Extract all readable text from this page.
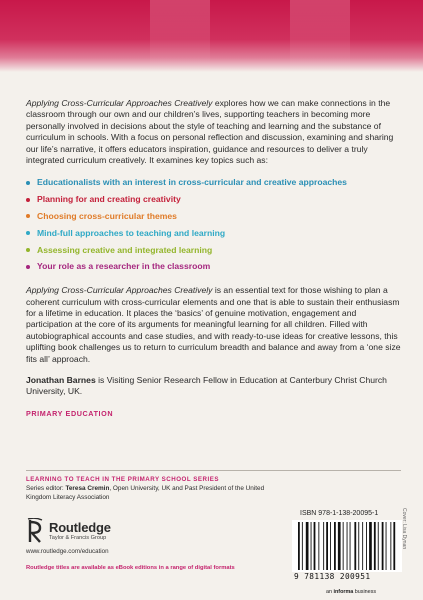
Applying Cross-Curricular Approaches Creatively explores how we can make connections in the classroom through our own and our children’s lives, supporting teachers in becoming more personally involved in decisions about the style of teaching and learning and the substance of curriculum in schools. With a focus on personal reflection and discussion, examining and sharing our life’s narrative, it offers educators inspiration, guidance and resources to deliver a truly integrated curriculum creatively. It examines key topics such as:

Educationalists with an interest in cross-curricular and creative approaches
Planning for and creating creativity
Choosing cross-curricular themes
Mind-full approaches to teaching and learning
Assessing creative and integrated learning
Your role as a researcher in the classroom

Applying Cross-Curricular Approaches Creatively is an essential text for those wishing to plan a coherent curriculum with cross-curricular elements and one that is able to sustain their enthusiasm for a lifetime in education. It places the ‘basics’ of genuine motivation, engagement and participation at the core of its arguments for meaningful learning for all children. Filled with autobiographical accounts and case studies, and with ready-to-use ideas for creative lessons, this uplifting book challenges us to return to curriculum breadth and balance and away from a ‘one size fits all’ approach.

Jonathan Barnes is Visiting Senior Research Fellow in Education at Canterbury Christ Church University, UK.

PRIMARY EDUCATION

LEARNING TO TEACH IN THE PRIMARY SCHOOL SERIES
Series editor: Teresa Cremin, Open University, UK and Past President of the United Kingdom Literacy Association
Routledge
Taylor & Francis Group
www.routledge.com/education
Routledge titles are available as eBook editions in a range of digital formats
ISBN 978-1-138-20095-1
9 781138 200951
Cover: Lisa Dynan
an informa business
